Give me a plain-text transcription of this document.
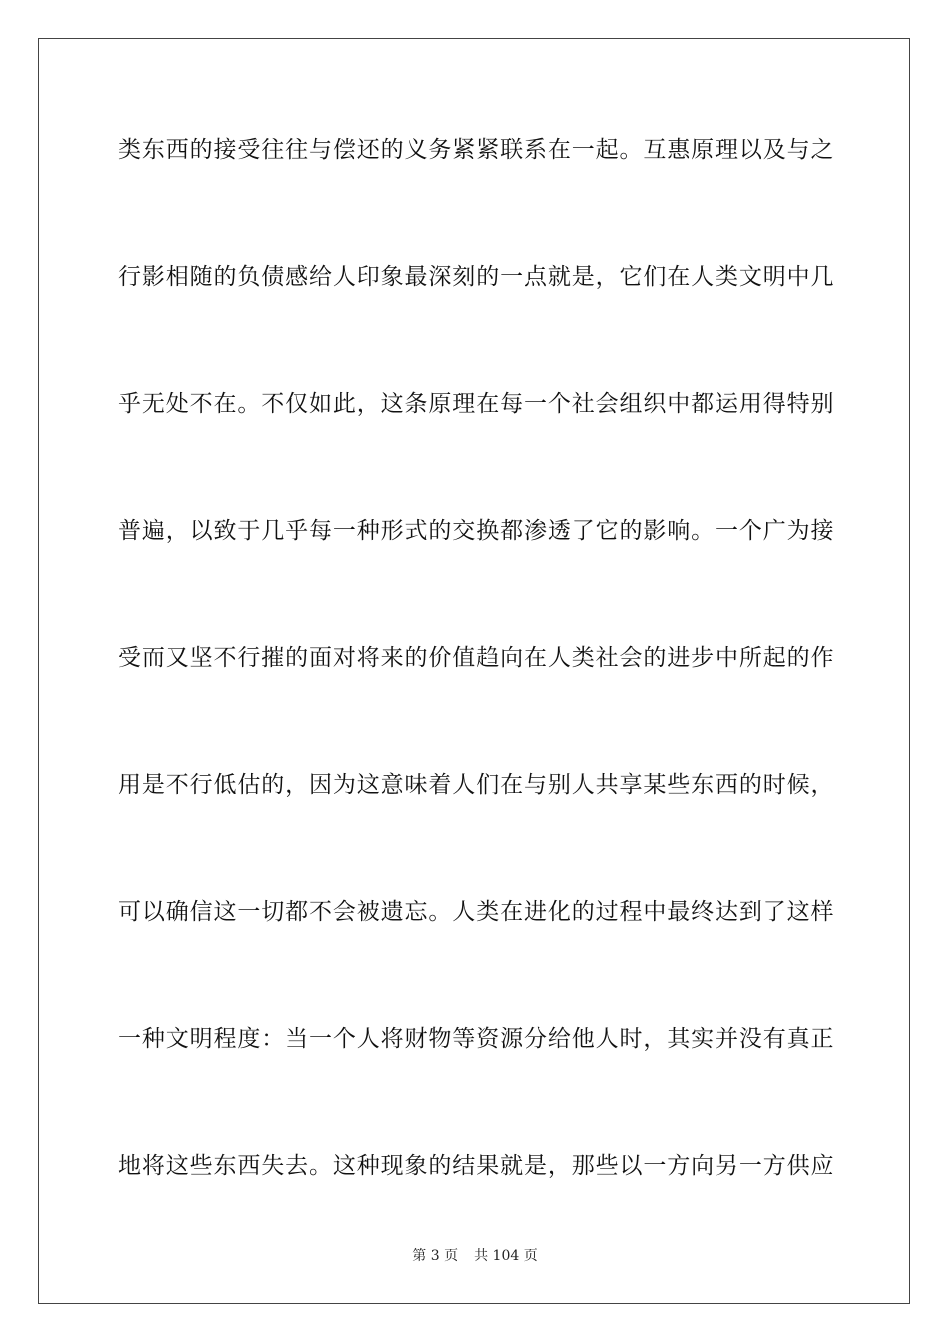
类东西的接受往往与偿还的义务紧紧联系在一起。互惠原理以及与之
行影相随的负债感给人印象最深刻的一点就是，它们在人类文明中几
乎无处不在。不仅如此，这条原理在每一个社会组织中都运用得特别
普遍，以致于几乎每一种形式的交换都渗透了它的影响。一个广为接
受而又坚不行摧的面对将来的价值趋向在人类社会的进步中所起的作
用是不行低估的，因为这意味着人们在与别人共享某些东西的时候，
可以确信这一切都不会被遗忘。人类在进化的过程中最终达到了这样
一种文明程度：当一个人将财物等资源分给他人时，其实并没有真正
地将这些东西失去。这种现象的结果就是，那些以一方向另一方供应
第 3 页 共 104 页
